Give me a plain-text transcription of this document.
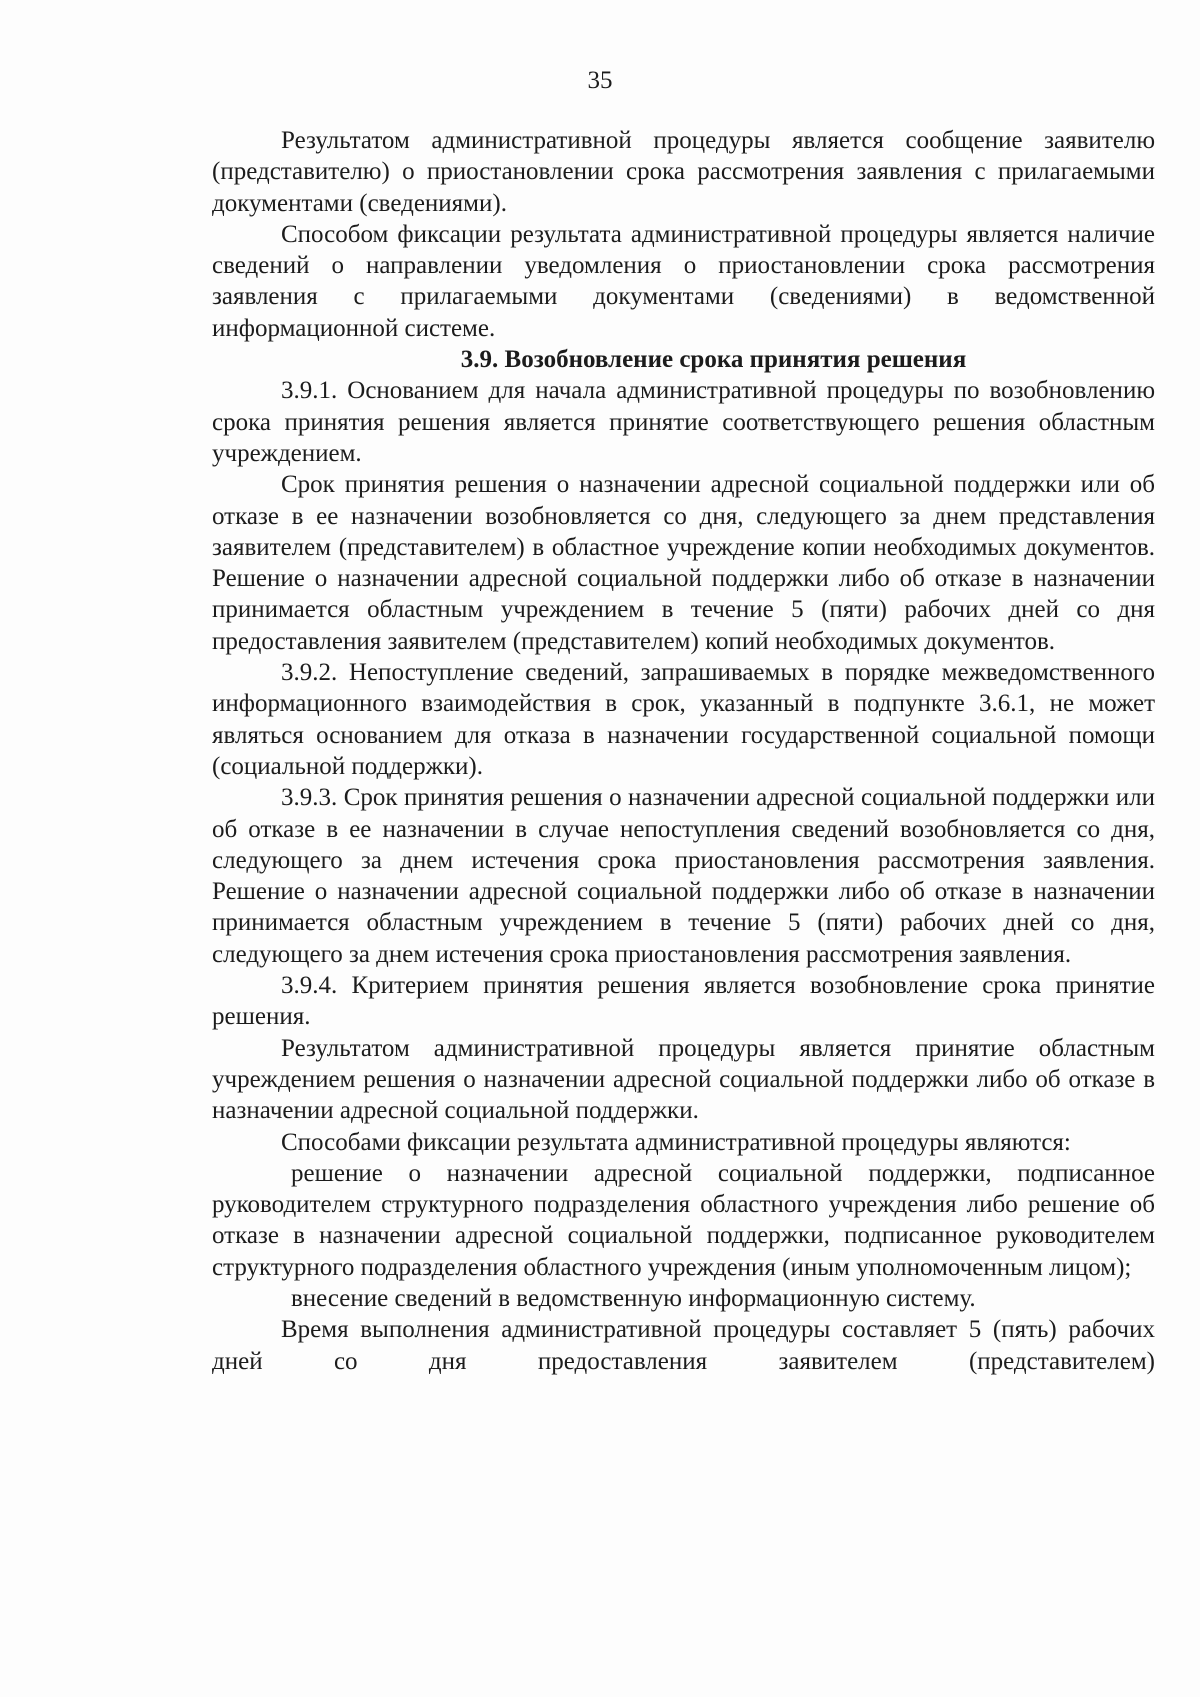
35

Результатом административной процедуры является сообщение заявителю (представителю) о приостановлении срока рассмотрения заявления с прилагаемыми документами (сведениями).

Способом фиксации результата административной процедуры является наличие сведений о направлении уведомления о приостановлении срока рассмотрения заявления с прилагаемыми документами (сведениями) в ведомственной информационной системе.

3.9. Возобновление срока принятия решения

3.9.1. Основанием для начала административной процедуры по возобновлению срока принятия решения является принятие соответствующего решения областным учреждением.

Срок принятия решения о назначении адресной социальной поддержки или об отказе в ее назначении возобновляется со дня, следующего за днем представления заявителем (представителем) в областное учреждение копии необходимых документов. Решение о назначении адресной социальной поддержки либо об отказе в назначении принимается областным учреждением в течение 5 (пяти) рабочих дней со дня предоставления заявителем (представителем) копий необходимых документов.

3.9.2. Непоступление сведений, запрашиваемых в порядке межведомственного информационного взаимодействия в срок, указанный в подпункте 3.6.1, не может являться основанием для отказа в назначении государственной социальной помощи (социальной поддержки).

3.9.3. Срок принятия решения о назначении адресной социальной поддержки или об отказе в ее назначении в случае непоступления сведений возобновляется со дня, следующего за днем истечения срока приостановления рассмотрения заявления. Решение о назначении адресной социальной поддержки либо об отказе в назначении принимается областным учреждением в течение 5 (пяти) рабочих дней со дня, следующего за днем истечения срока приостановления рассмотрения заявления.

3.9.4. Критерием принятия решения является возобновление срока принятие решения.

Результатом административной процедуры является принятие областным учреждением решения о назначении адресной социальной поддержки либо об отказе в назначении адресной социальной поддержки.

Способами фиксации результата административной процедуры являются:

решение о назначении адресной социальной поддержки, подписанное руководителем структурного подразделения областного учреждения либо решение об отказе в назначении адресной социальной поддержки, подписанное руководителем структурного подразделения областного учреждения (иным уполномоченным лицом);

внесение сведений в ведомственную информационную систему.

Время выполнения административной процедуры составляет 5 (пять) рабочих дней со дня предоставления заявителем (представителем)
